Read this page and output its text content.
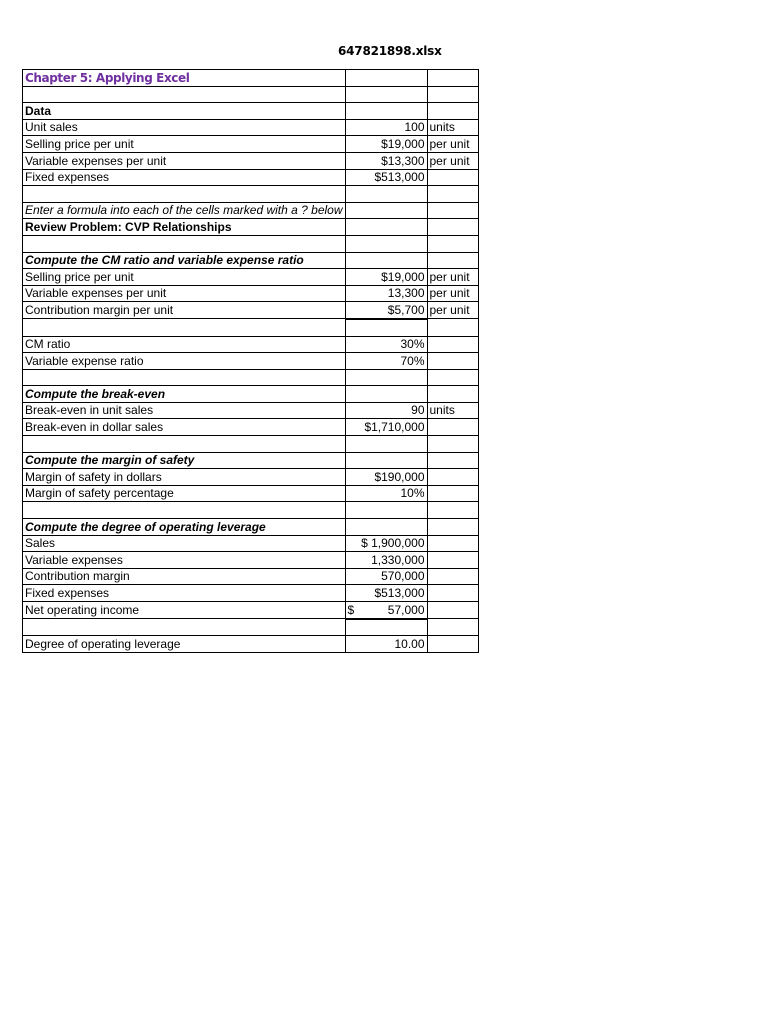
647821898.xlsx
Chapter 5: Applying Excel		

Data		
Unit sales	100	units
Selling price per unit	$19,000	per unit
Variable expenses per unit	$13,300	per unit
Fixed expenses	$513,000	

Enter a formula into each of the cells marked with a ? below		
Review Problem: CVP Relationships		

Compute the CM ratio and variable expense ratio		
Selling price per unit	$19,000	per unit
Variable expenses per unit	13,300	per unit
Contribution margin per unit	$5,700	per unit

CM ratio	30%	
Variable expense ratio	70%	

Compute the break-even		
Break-even in unit sales	90	units
Break-even in dollar sales	$1,710,000	

Compute the margin of safety		
Margin of safety in dollars	$190,000	
Margin of safety percentage	10%	

Compute the degree of operating leverage		
Sales	$ 1,900,000	
Variable expenses	1,330,000	
Contribution margin	570,000	
Fixed expenses	$513,000	
Net operating income	$ 57,000	

Degree of operating leverage	10.00	
